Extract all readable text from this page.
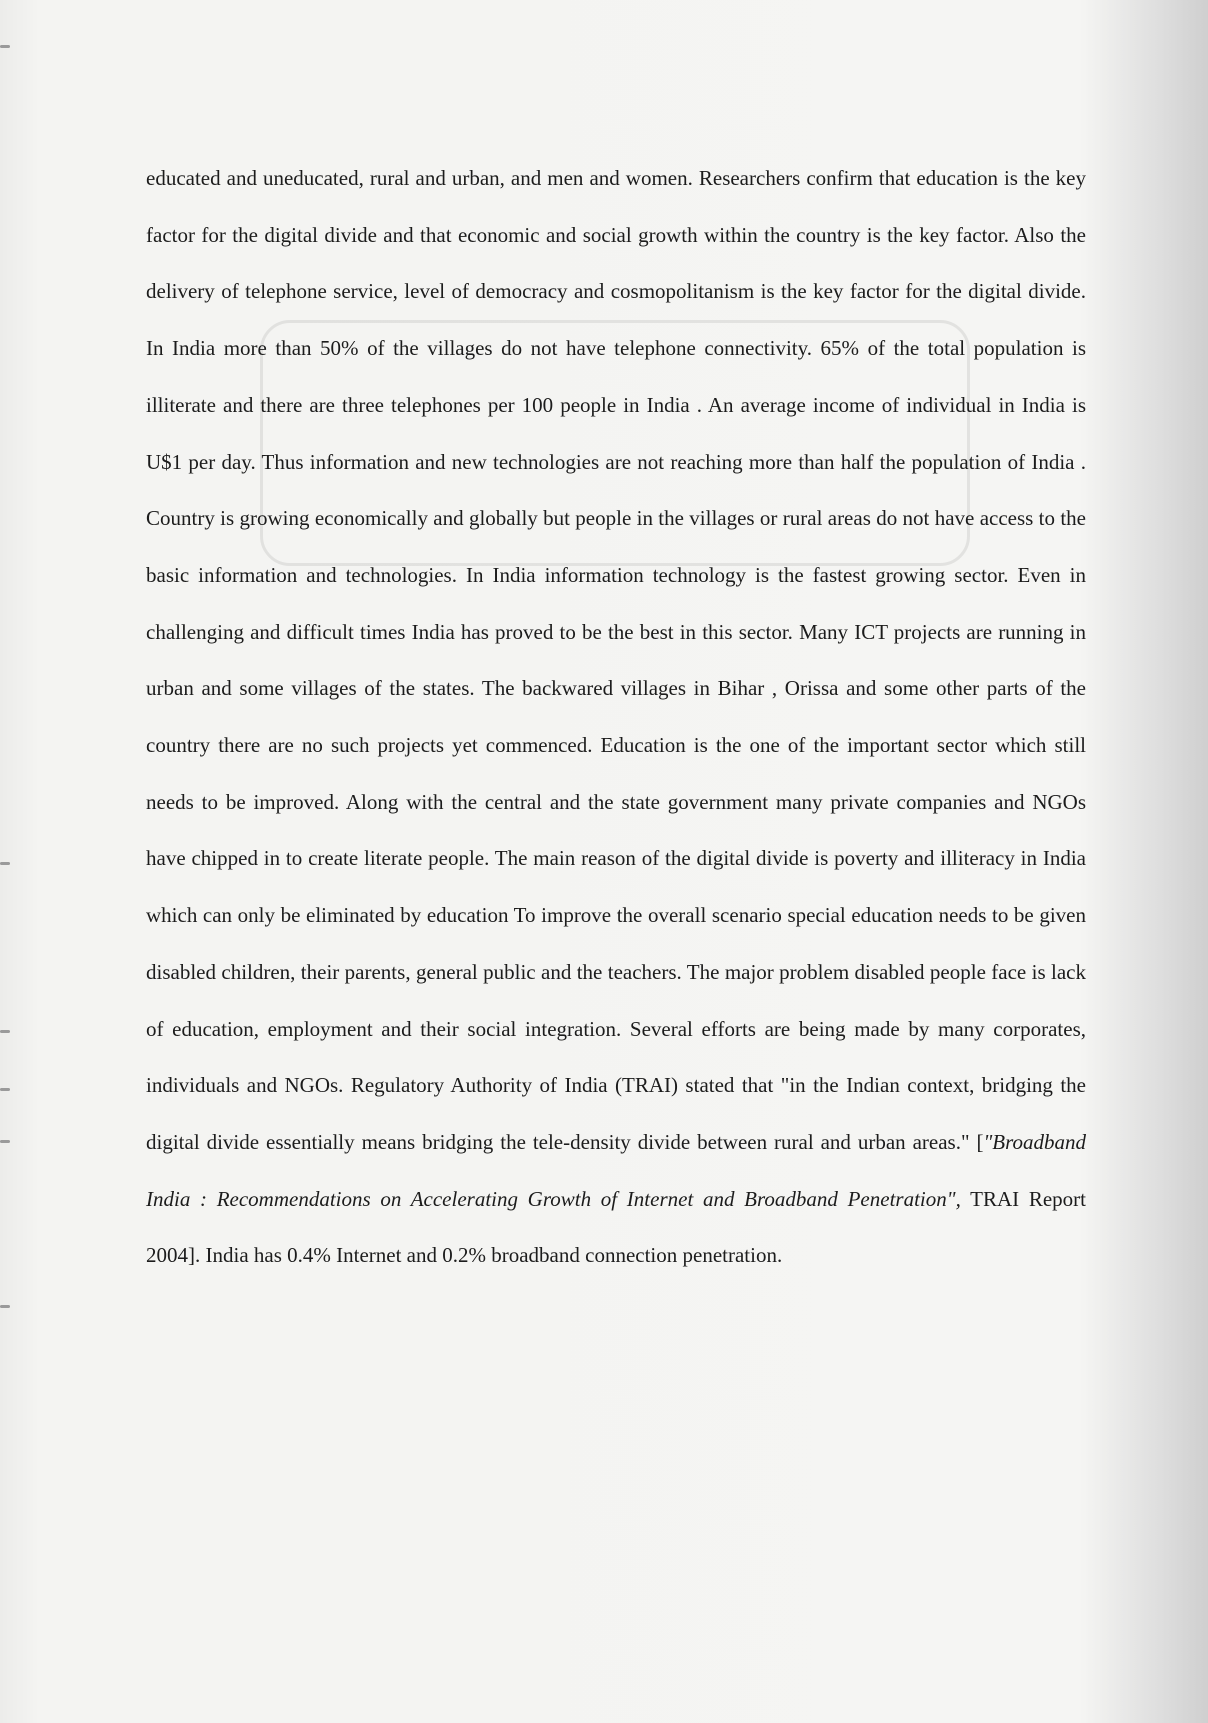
educated and uneducated, rural and urban, and men and women. Researchers confirm that education is the key factor for the digital divide and that economic and social growth within the country is the key factor. Also the delivery of telephone service, level of democracy and cosmopolitanism is the key factor for the digital divide. In India more than 50% of the villages do not have telephone connectivity. 65% of the total population is illiterate and there are three telephones per 100 people in India . An average income of individual in India is U$1 per day. Thus information and new technologies are not reaching more than half the population of India . Country is growing economically and globally but people in the villages or rural areas do not have access to the basic information and technologies. In India information technology is the fastest growing sector. Even in challenging and difficult times India has proved to be the best in this sector. Many ICT projects are running in urban and some villages of the states. The backwared villages in Bihar , Orissa and some other parts of the country there are no such projects yet commenced. Education is the one of the important sector which still needs to be improved. Along with the central and the state government many private companies and NGOs have chipped in to create literate people. The main reason of the digital divide is poverty and illiteracy in India which can only be eliminated by education To improve the overall scenario special education needs to be given disabled children, their parents, general public and the teachers. The major problem disabled people face is lack of education, employment and their social integration. Several efforts are being made by many corporates, individuals and NGOs. Regulatory Authority of India (TRAI) stated that "in the Indian context, bridging the digital divide essentially means bridging the tele-density divide between rural and urban areas." ["Broadband India : Recommendations on Accelerating Growth of Internet and Broadband Penetration", TRAI Report 2004]. India has 0.4% Internet and 0.2% broadband connection penetration.
